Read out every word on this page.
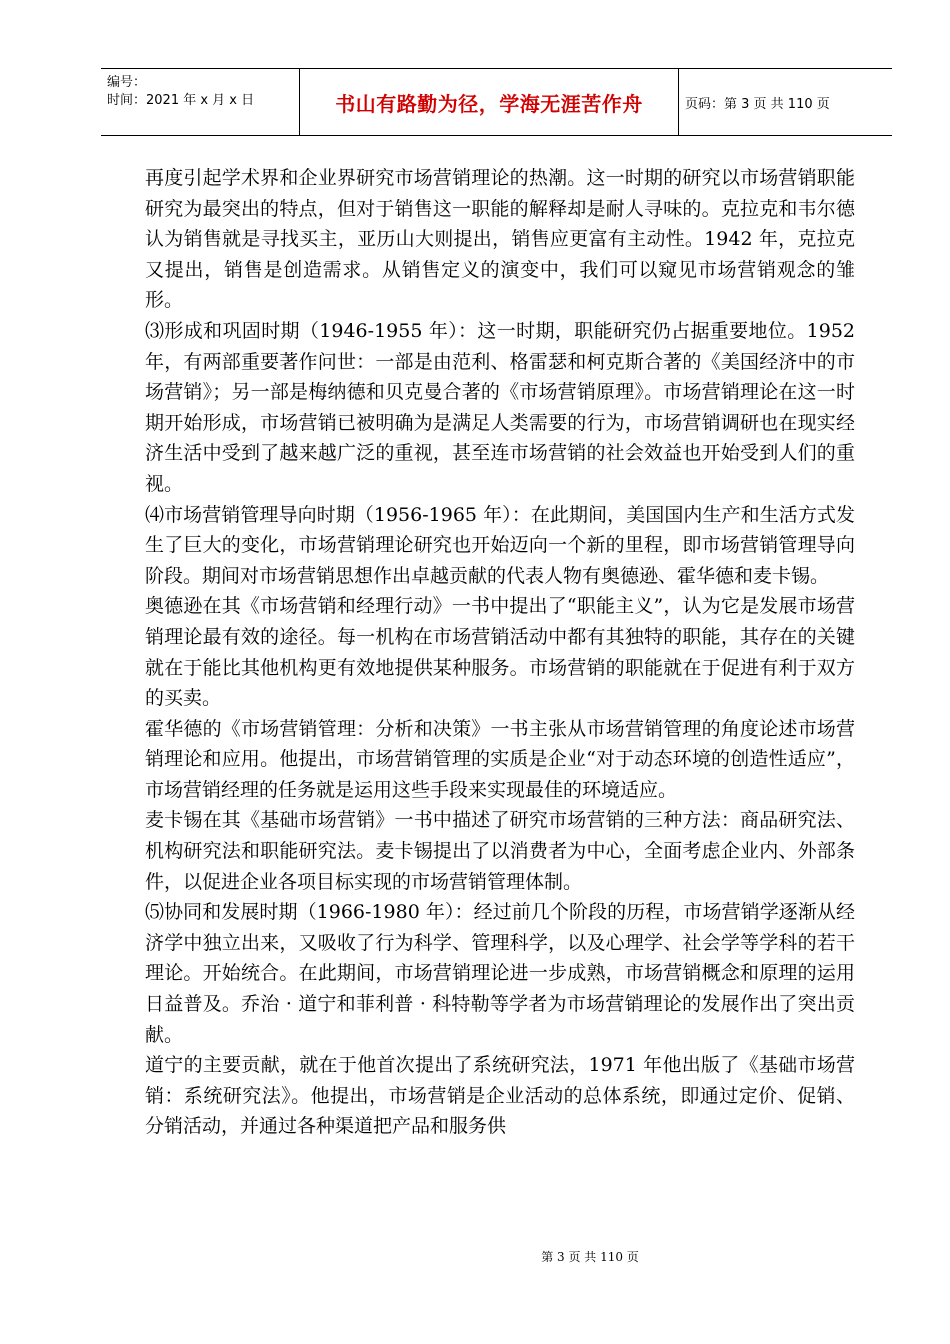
编号：
时间：2021 年 x 月 x 日	书山有路勤为径，学海无涯苦作舟	页码：第 3 页 共 110 页

再度引起学术界和企业界研究市场营销理论的热潮。这一时期的研究以市场营销职能研究为最突出的特点，但对于销售这一职能的解释却是耐人寻味的。克拉克和韦尔德认为销售就是寻找买主，亚历山大则提出，销售应更富有主动性。1942 年，克拉克又提出，销售是创造需求。从销售定义的演变中，我们可以窥见市场营销观念的雏形。

⑶形成和巩固时期（1946-1955 年）：这一时期，职能研究仍占据重要地位。1952 年，有两部重要著作问世：一部是由范利、格雷瑟和柯克斯合著的《美国经济中的市场营销》；另一部是梅纳德和贝克曼合著的《市场营销原理》。市场营销理论在这一时期开始形成，市场营销已被明确为是满足人类需要的行为，市场营销调研也在现实经济生活中受到了越来越广泛的重视，甚至连市场营销的社会效益也开始受到人们的重视。

⑷市场营销管理导向时期（1956-1965 年）：在此期间，美国国内生产和生活方式发生了巨大的变化，市场营销理论研究也开始迈向一个新的里程，即市场营销管理导向阶段。期间对市场营销思想作出卓越贡献的代表人物有奥德逊、霍华德和麦卡锡。

奥德逊在其《市场营销和经理行动》一书中提出了“职能主义”，认为它是发展市场营销理论最有效的途径。每一机构在市场营销活动中都有其独特的职能，其存在的关键就在于能比其他机构更有效地提供某种服务。市场营销的职能就在于促进有利于双方的买卖。

霍华德的《市场营销管理：分析和决策》一书主张从市场营销管理的角度论述市场营销理论和应用。他提出，市场营销管理的实质是企业“对于动态环境的创造性适应”，市场营销经理的任务就是运用这些手段来实现最佳的环境适应。

麦卡锡在其《基础市场营销》一书中描述了研究市场营销的三种方法：商品研究法、机构研究法和职能研究法。麦卡锡提出了以消费者为中心，全面考虑企业内、外部条件，以促进企业各项目标实现的市场营销管理体制。

⑸协同和发展时期（1966-1980 年）：经过前几个阶段的历程，市场营销学逐渐从经济学中独立出来，又吸收了行为科学、管理科学，以及心理学、社会学等学科的若干理论。开始统合。在此期间，市场营销理论进一步成熟，市场营销概念和原理的运用日益普及。乔治 · 道宁和菲利普 · 科特勒等学者为市场营销理论的发展作出了突出贡献。

道宁的主要贡献，就在于他首次提出了系统研究法，1971 年他出版了《基础市场营销：系统研究法》。他提出，市场营销是企业活动的总体系统，即通过定价、促销、分销活动，并通过各种渠道把产品和服务供

第 3 页 共 110 页
